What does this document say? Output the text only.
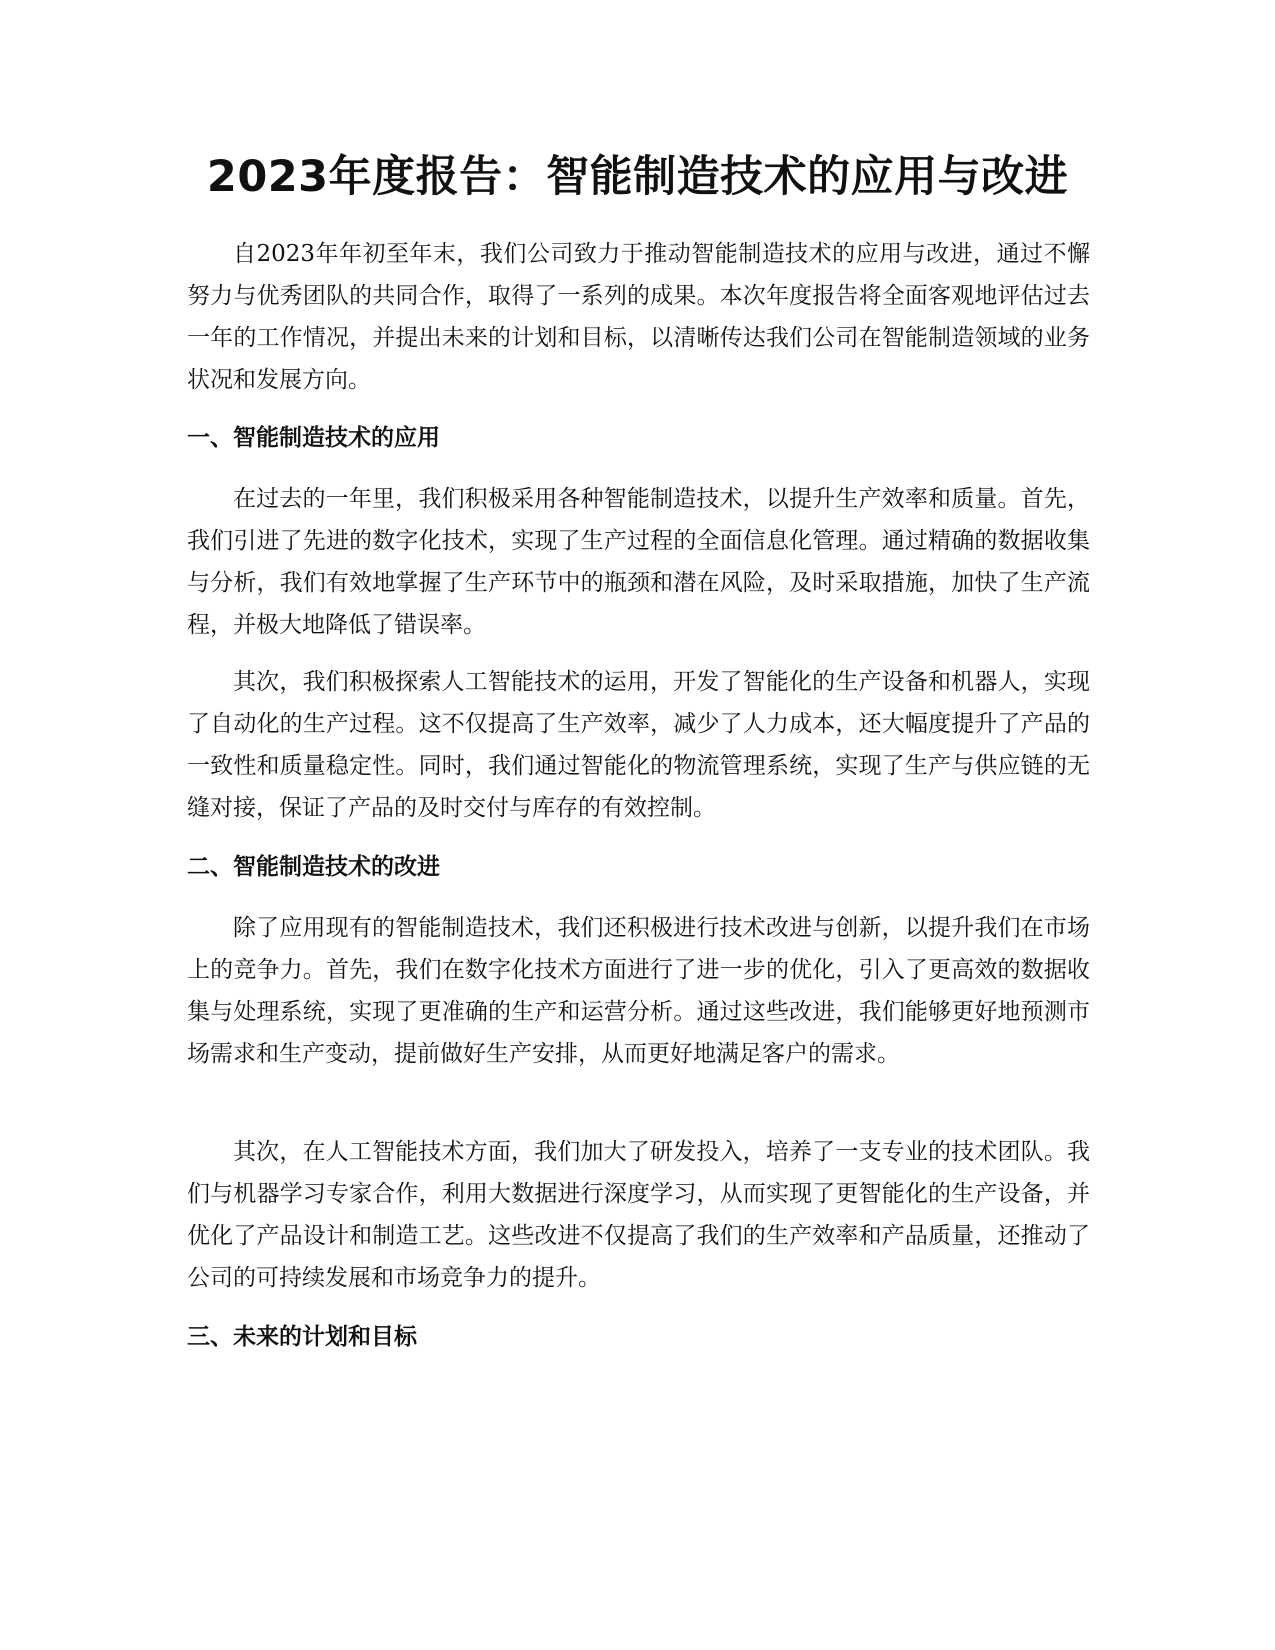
2023年度报告：智能制造技术的应用与改进

自2023年年初至年末，我们公司致力于推动智能制造技术的应用与改进，通过不懈努力与优秀团队的共同合作，取得了一系列的成果。本次年度报告将全面客观地评估过去一年的工作情况，并提出未来的计划和目标，以清晰传达我们公司在智能制造领域的业务状况和发展方向。

一、智能制造技术的应用

在过去的一年里，我们积极采用各种智能制造技术，以提升生产效率和质量。首先，我们引进了先进的数字化技术，实现了生产过程的全面信息化管理。通过精确的数据收集与分析，我们有效地掌握了生产环节中的瓶颈和潜在风险，及时采取措施，加快了生产流程，并极大地降低了错误率。

其次，我们积极探索人工智能技术的运用，开发了智能化的生产设备和机器人，实现了自动化的生产过程。这不仅提高了生产效率，减少了人力成本，还大幅度提升了产品的一致性和质量稳定性。同时，我们通过智能化的物流管理系统，实现了生产与供应链的无缝对接，保证了产品的及时交付与库存的有效控制。

二、智能制造技术的改进

除了应用现有的智能制造技术，我们还积极进行技术改进与创新，以提升我们在市场上的竞争力。首先，我们在数字化技术方面进行了进一步的优化，引入了更高效的数据收集与处理系统，实现了更准确的生产和运营分析。通过这些改进，我们能够更好地预测市场需求和生产变动，提前做好生产安排，从而更好地满足客户的需求。

其次，在人工智能技术方面，我们加大了研发投入，培养了一支专业的技术团队。我们与机器学习专家合作，利用大数据进行深度学习，从而实现了更智能化的生产设备，并优化了产品设计和制造工艺。这些改进不仅提高了我们的生产效率和产品质量，还推动了公司的可持续发展和市场竞争力的提升。

三、未来的计划和目标
